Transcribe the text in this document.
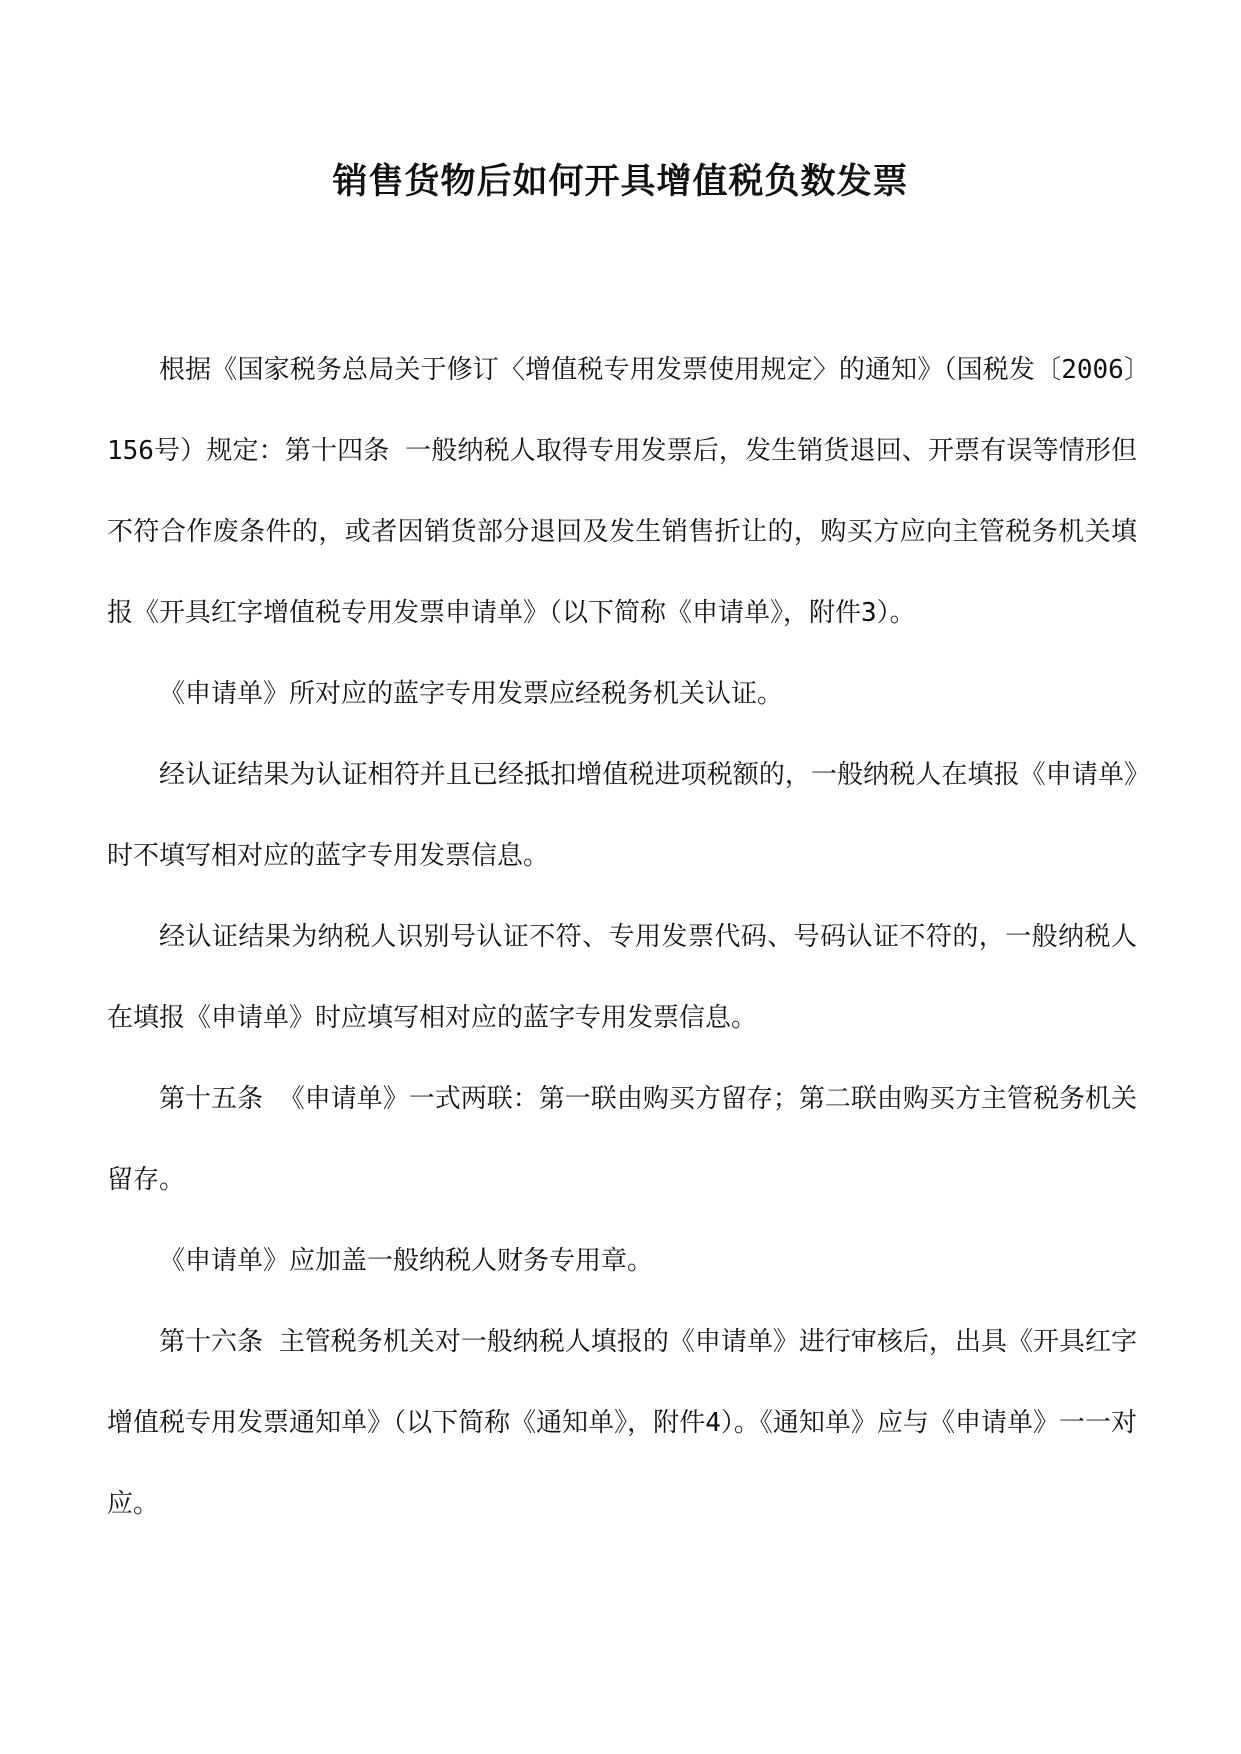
销售货物后如何开具增值税负数发票

根据《国家税务总局关于修订〈增值税专用发票使用规定〉的通知》（国税发〔2006〕156号）规定：第十四条 一般纳税人取得专用发票后，发生销货退回、开票有误等情形但不符合作废条件的，或者因销货部分退回及发生销售折让的，购买方应向主管税务机关填报《开具红字增值税专用发票申请单》（以下简称《申请单》，附件3）。

《申请单》所对应的蓝字专用发票应经税务机关认证。

经认证结果为认证相符并且已经抵扣增值税进项税额的，一般纳税人在填报《申请单》时不填写相对应的蓝字专用发票信息。

经认证结果为纳税人识别号认证不符、专用发票代码、号码认证不符的，一般纳税人在填报《申请单》时应填写相对应的蓝字专用发票信息。

第十五条 《申请单》一式两联：第一联由购买方留存；第二联由购买方主管税务机关留存。

《申请单》应加盖一般纳税人财务专用章。

第十六条 主管税务机关对一般纳税人填报的《申请单》进行审核后，出具《开具红字增值税专用发票通知单》（以下简称《通知单》，附件4）。《通知单》应与《申请单》一一对应。
